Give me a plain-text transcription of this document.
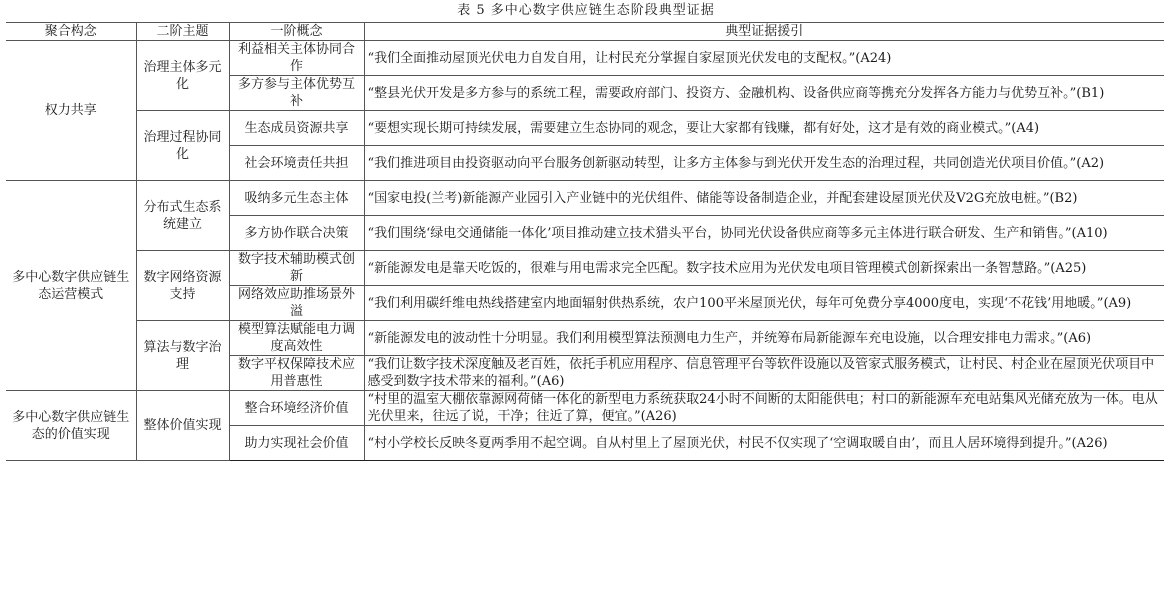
表 5 多中心数字供应链生态阶段典型证据
聚合构念	二阶主题	一阶概念	典型证据援引
权力共享	治理主体多元化	利益相关主体协同合作	“我们全面推动屋顶光伏电力自发自用，让村民充分掌握自家屋顶光伏发电的支配权。”(A24)
		多方参与主体优势互补	“整县光伏开发是多方参与的系统工程，需要政府部门、投资方、金融机构、设备供应商等携充分发挥各方能力与优势互补。”(B1)
	治理过程协同化	生态成员资源共享	“要想实现长期可持续发展，需要建立生态协同的观念，要让大家都有钱赚，都有好处，这才是有效的商业模式。”(A4)
		社会环境责任共担	“我们推进项目由投资驱动向平台服务创新驱动转型，让多方主体参与到光伏开发生态的治理过程，共同创造光伏项目价值。”(A2)
多中心数字供应链生态运营模式	分布式生态系统建立	吸纳多元生态主体	“国家电投(兰考)新能源产业园引入产业链中的光伏组件、储能等设备制造企业，并配套建设屋顶光伏及V2G充放电桩。”(B2)
		多方协作联合决策	“我们围绕‘绿电交通储能一体化’项目推动建立技术猎头平台，协同光伏设备供应商等多元主体进行联合研发、生产和销售。”(A10)
	数字网络资源支持	数字技术辅助模式创新	“新能源发电是靠天吃饭的，很难与用电需求完全匹配。数字技术应用为光伏发电项目管理模式创新探索出一条智慧路。”(A25)
		网络效应助推场景外溢	“我们利用碳纤维电热线搭建室内地面辐射供热系统，农户100平米屋顶光伏，每年可免费分享4000度电，实现‘不花钱’用地暖。”(A9)
	算法与数字治理	模型算法赋能电力调度高效性	“新能源发电的波动性十分明显。我们利用模型算法预测电力生产，并统筹布局新能源车充电设施，以合理安排电力需求。”(A6)
		数字平权保障技术应用普惠性	“我们让数字技术深度触及老百姓，依托手机应用程序、信息管理平台等软件设施以及管家式服务模式，让村民、村企业在屋顶光伏项目中感受到数字技术带来的福利。”(A6)
多中心数字供应链生态的价值实现	整体价值实现	整合环境经济价值	“村里的温室大棚依靠源网荷储一体化的新型电力系统获取24小时不间断的太阳能供电；村口的新能源车充电站集风光储充放为一体。电从光伏里来，往远了说，干净；往近了算，便宜。”(A26)
		助力实现社会价值	“村小学校长反映冬夏两季用不起空调。自从村里上了屋顶光伏，村民不仅实现了‘空调取暖自由’，而且人居环境得到提升。”(A26)
